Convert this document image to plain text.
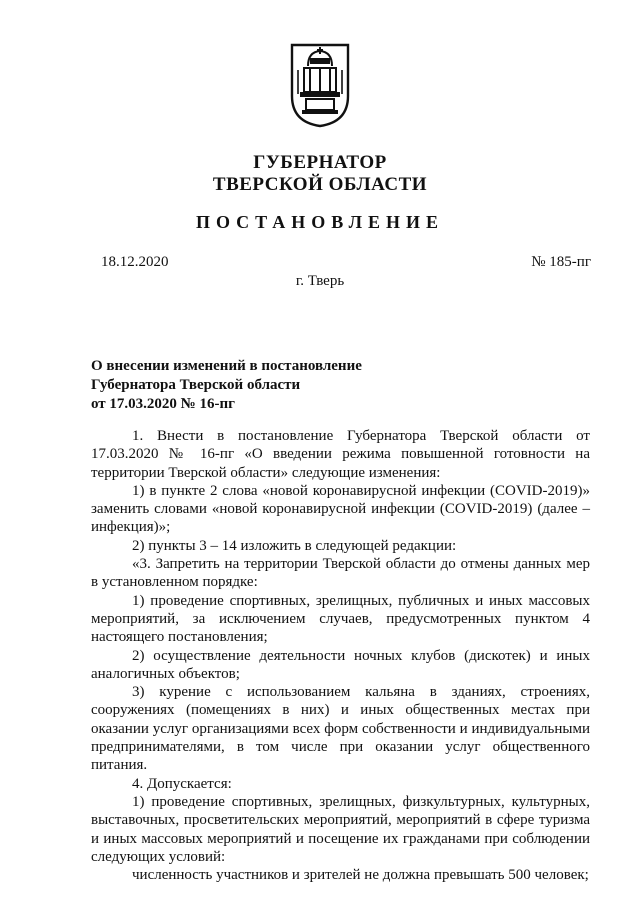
ГУБЕРНАТОР
ТВЕРСКОЙ ОБЛАСТИ
ПОСТАНОВЛЕНИЕ
18.12.2020	№ 185-пг
г. Тверь
О внесении изменений в постановление
Губернатора Тверской области
от 17.03.2020 № 16-пг

1. Внести в постановление Губернатора Тверской области от 17.03.2020 № 16-пг «О введении режима повышенной готовности на территории Тверской области» следующие изменения:

1) в пункте 2 слова «новой коронавирусной инфекции (COVID-2019)» заменить словами «новой коронавирусной инфекции (COVID-2019) (далее – инфекция)»;

2) пункты 3 – 14 изложить в следующей редакции:

«3. Запретить на территории Тверской области до отмены данных мер в установленном порядке:

1) проведение спортивных, зрелищных, публичных и иных массовых мероприятий, за исключением случаев, предусмотренных пунктом 4 настоящего постановления;

2) осуществление деятельности ночных клубов (дискотек) и иных аналогичных объектов;

3) курение с использованием кальяна в зданиях, строениях, сооружениях (помещениях в них) и иных общественных местах при оказании услуг организациями всех форм собственности и индивидуальными предпринимателями, в том числе при оказании услуг общественного питания.

4. Допускается:

1) проведение спортивных, зрелищных, физкультурных, культурных, выставочных, просветительских мероприятий, мероприятий в сфере туризма и иных массовых мероприятий и посещение их гражданами при соблюдении следующих условий:

численность участников и зрителей не должна превышать 500 человек;
